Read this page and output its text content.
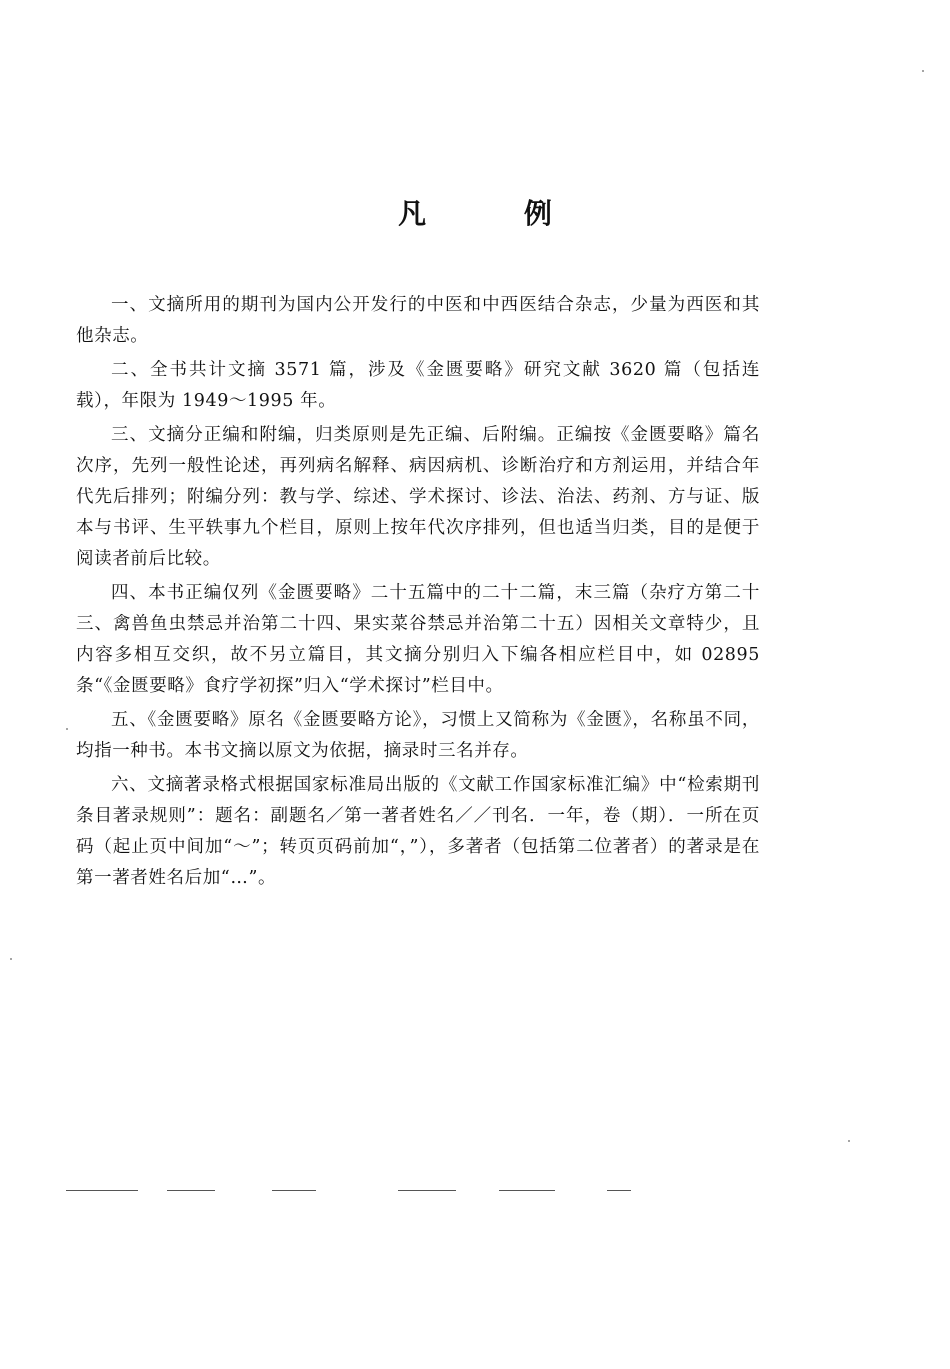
凡 例

一、文摘所用的期刊为国内公开发行的中医和中西医结合杂志，少量为西医和其他杂志。

二、全书共计文摘 3571 篇，涉及《金匮要略》研究文献 3620 篇（包括连载），年限为 1949～1995 年。

三、文摘分正编和附编，归类原则是先正编、后附编。正编按《金匮要略》篇名次序，先列一般性论述，再列病名解释、病因病机、诊断治疗和方剂运用，并结合年代先后排列；附编分列：教与学、综述、学术探讨、诊法、治法、药剂、方与证、版本与书评、生平轶事九个栏目，原则上按年代次序排列，但也适当归类，目的是便于阅读者前后比较。

四、本书正编仅列《金匮要略》二十五篇中的二十二篇，末三篇（杂疗方第二十三、禽兽鱼虫禁忌并治第二十四、果实菜谷禁忌并治第二十五）因相关文章特少，且内容多相互交织，故不另立篇目，其文摘分别归入下编各相应栏目中，如 02895 条“《金匮要略》食疗学初探”归入“学术探讨”栏目中。

五、《金匮要略》原名《金匮要略方论》，习惯上又简称为《金匮》，名称虽不同，均指一种书。本书文摘以原文为依据，摘录时三名并存。

六、文摘著录格式根据国家标准局出版的《文献工作国家标准汇编》中“检索期刊条目著录规则”：题名：副题名／第一著者姓名／／刊名．一年，卷（期）．一所在页码（起止页中间加“～”；转页页码前加“，”），多著者（包括第二位著者）的著录是在第一著者姓名后加“…”。
